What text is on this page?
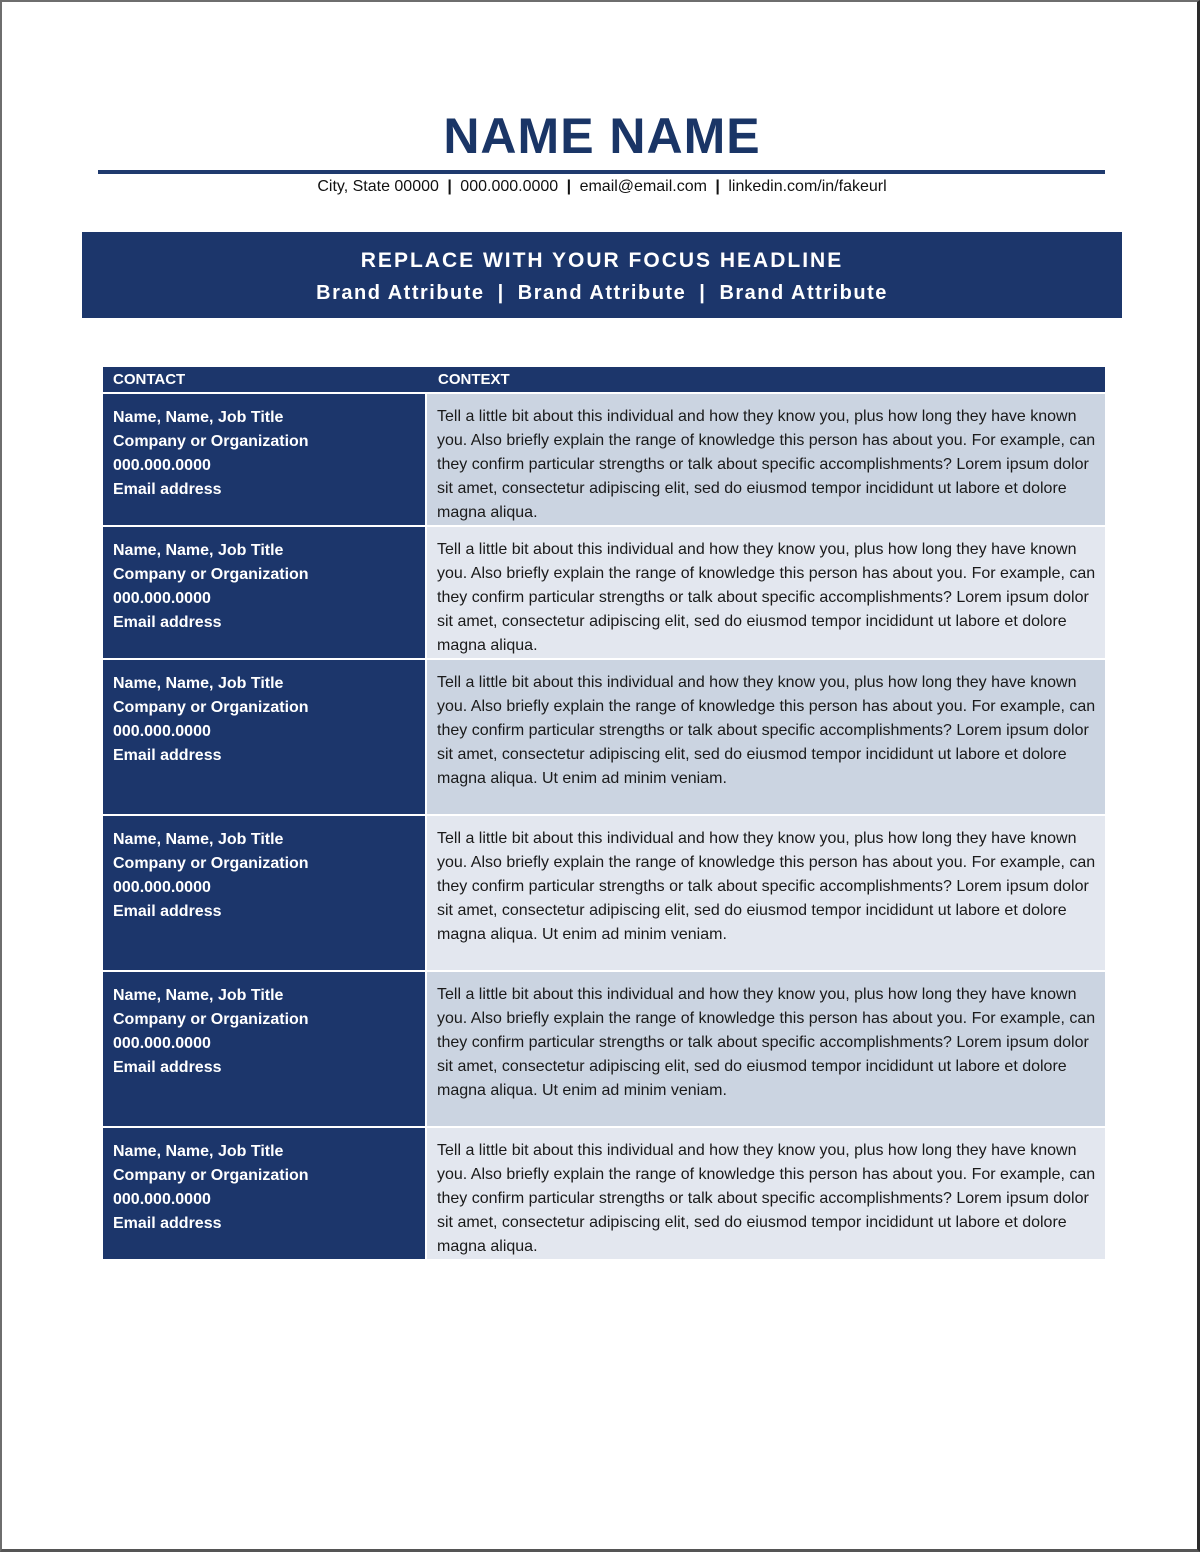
NAME NAME
City, State 00000 | 000.000.0000 | email@email.com | linkedin.com/in/fakeurl
REPLACE WITH YOUR FOCUS HEADLINE
Brand Attribute | Brand Attribute | Brand Attribute
CONTACT	CONTEXT
Name, Name, Job Title
Company or Organization
000.000.0000
Email address
Tell a little bit about this individual and how they know you, plus how long they have known you. Also briefly explain the range of knowledge this person has about you. For example, can they confirm particular strengths or talk about specific accomplishments? Lorem ipsum dolor sit amet, consectetur adipiscing elit, sed do eiusmod tempor incididunt ut labore et dolore magna aliqua.
Name, Name, Job Title
Company or Organization
000.000.0000
Email address
Tell a little bit about this individual and how they know you, plus how long they have known you. Also briefly explain the range of knowledge this person has about you. For example, can they confirm particular strengths or talk about specific accomplishments? Lorem ipsum dolor sit amet, consectetur adipiscing elit, sed do eiusmod tempor incididunt ut labore et dolore magna aliqua.
Name, Name, Job Title
Company or Organization
000.000.0000
Email address
Tell a little bit about this individual and how they know you, plus how long they have known you. Also briefly explain the range of knowledge this person has about you. For example, can they confirm particular strengths or talk about specific accomplishments? Lorem ipsum dolor sit amet, consectetur adipiscing elit, sed do eiusmod tempor incididunt ut labore et dolore magna aliqua. Ut enim ad minim veniam.
Name, Name, Job Title
Company or Organization
000.000.0000
Email address
Tell a little bit about this individual and how they know you, plus how long they have known you. Also briefly explain the range of knowledge this person has about you. For example, can they confirm particular strengths or talk about specific accomplishments? Lorem ipsum dolor sit amet, consectetur adipiscing elit, sed do eiusmod tempor incididunt ut labore et dolore magna aliqua. Ut enim ad minim veniam.
Name, Name, Job Title
Company or Organization
000.000.0000
Email address
Tell a little bit about this individual and how they know you, plus how long they have known you. Also briefly explain the range of knowledge this person has about you. For example, can they confirm particular strengths or talk about specific accomplishments? Lorem ipsum dolor sit amet, consectetur adipiscing elit, sed do eiusmod tempor incididunt ut labore et dolore magna aliqua. Ut enim ad minim veniam.
Name, Name, Job Title
Company or Organization
000.000.0000
Email address
Tell a little bit about this individual and how they know you, plus how long they have known you. Also briefly explain the range of knowledge this person has about you. For example, can they confirm particular strengths or talk about specific accomplishments? Lorem ipsum dolor sit amet, consectetur adipiscing elit, sed do eiusmod tempor incididunt ut labore et dolore magna aliqua.
